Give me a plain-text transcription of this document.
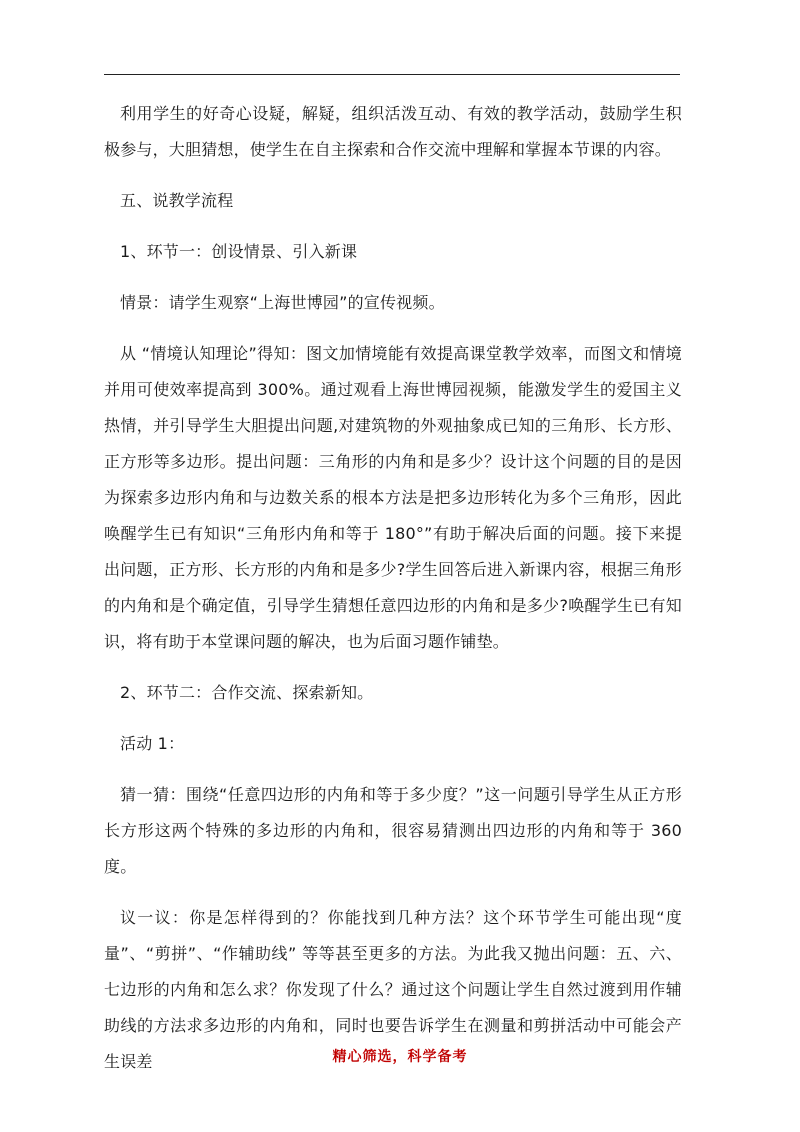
利用学生的好奇心设疑，解疑，组织活泼互动、有效的教学活动，鼓励学生积极参与，大胆猜想，使学生在自主探索和合作交流中理解和掌握本节课的内容。

五、说教学流程

1、环节一：创设情景、引入新课

情景：请学生观察“上海世博园”的宣传视频。

从 “情境认知理论”得知：图文加情境能有效提高课堂教学效率，而图文和情境并用可使效率提高到 300%。通过观看上海世博园视频，能激发学生的爱国主义热情，并引导学生大胆提出问题,对建筑物的外观抽象成已知的三角形、长方形、正方形等多边形。提出问题：三角形的内角和是多少？设计这个问题的目的是因为探索多边形内角和与边数关系的根本方法是把多边形转化为多个三角形，因此唤醒学生已有知识“三角形内角和等于 180°”有助于解决后面的问题。接下来提出问题，正方形、长方形的内角和是多少?学生回答后进入新课内容，根据三角形的内角和是个确定值，引导学生猜想任意四边形的内角和是多少?唤醒学生已有知识，将有助于本堂课问题的解决，也为后面习题作铺垫。

2、环节二：合作交流、探索新知。

活动 1：

猜一猜：围绕“任意四边形的内角和等于多少度？”这一问题引导学生从正方形长方形这两个特殊的多边形的内角和，很容易猜测出四边形的内角和等于 360 度。

议一议：你是怎样得到的？你能找到几种方法？这个环节学生可能出现“度量”、“剪拼”、“作辅助线” 等等甚至更多的方法。为此我又抛出问题：五、六、七边形的内角和怎么求？你发现了什么？通过这个问题让学生自然过渡到用作辅助线的方法求多边形的内角和，同时也要告诉学生在测量和剪拼活动中可能会产生误差	精心筛选，科学备考
